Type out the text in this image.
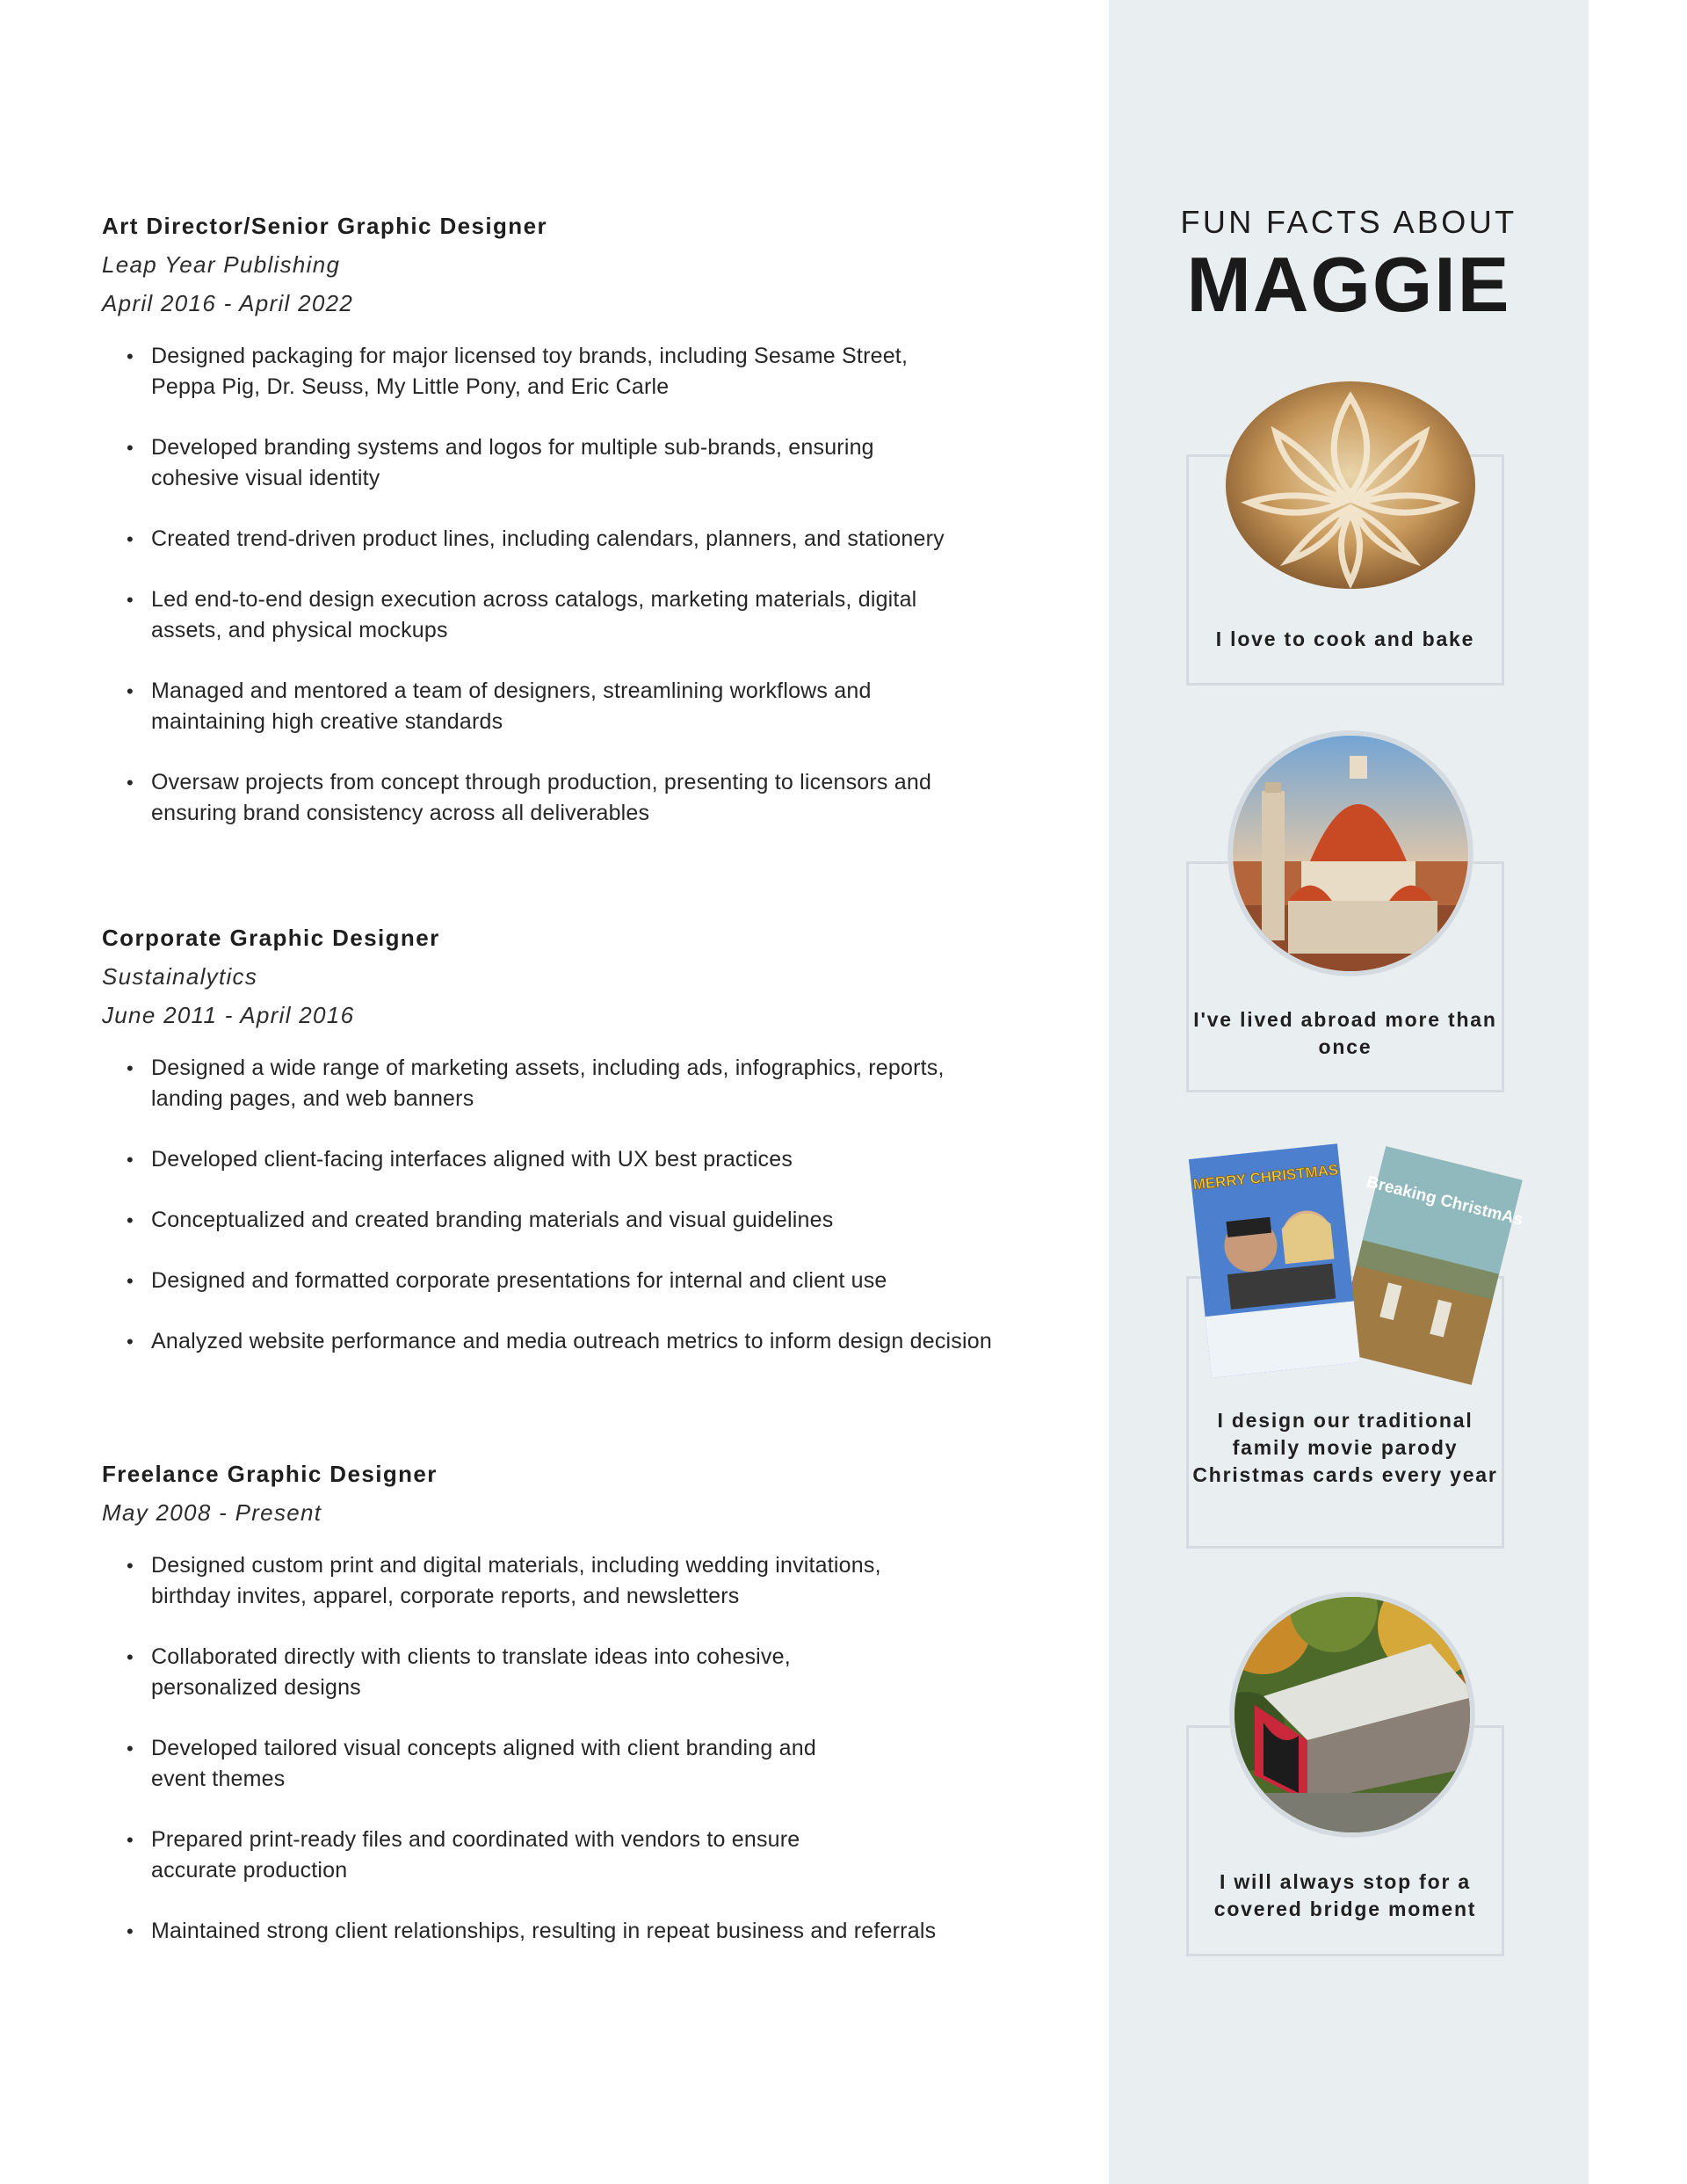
Art Director/Senior Graphic Designer
Leap Year Publishing
April 2016 - April 2022
• Designed packaging for major licensed toy brands, including Sesame Street, Peppa Pig, Dr. Seuss, My Little Pony, and Eric Carle
• Developed branding systems and logos for multiple sub-brands, ensuring cohesive visual identity
• Created trend-driven product lines, including calendars, planners, and stationery
• Led end-to-end design execution across catalogs, marketing materials, digital assets, and physical mockups
• Managed and mentored a team of designers, streamlining workflows and maintaining high creative standards
• Oversaw projects from concept through production, presenting to licensors and ensuring brand consistency across all deliverables
Corporate Graphic Designer
Sustainalytics
June 2011 - April 2016
• Designed a wide range of marketing assets, including ads, infographics, reports, landing pages, and web banners
• Developed client-facing interfaces aligned with UX best practices
• Conceptualized and created branding materials and visual guidelines
• Designed and formatted corporate presentations for internal and client use
• Analyzed website performance and media outreach metrics to inform design decision
Freelance Graphic Designer
May 2008 - Present
• Designed custom print and digital materials, including wedding invitations, birthday invites, apparel, corporate reports, and newsletters
• Collaborated directly with clients to translate ideas into cohesive, personalized designs
• Developed tailored visual concepts aligned with client branding and event themes
• Prepared print-ready files and coordinated with vendors to ensure accurate production
• Maintained strong client relationships, resulting in repeat business and referrals
FUN FACTS ABOUT
MAGGIE
I love to cook and bake
I've lived abroad more than once
I design our traditional family movie parody Christmas cards every year
Breaking ChristmAs
MERRY CHRISTMAS
I will always stop for a covered bridge moment
